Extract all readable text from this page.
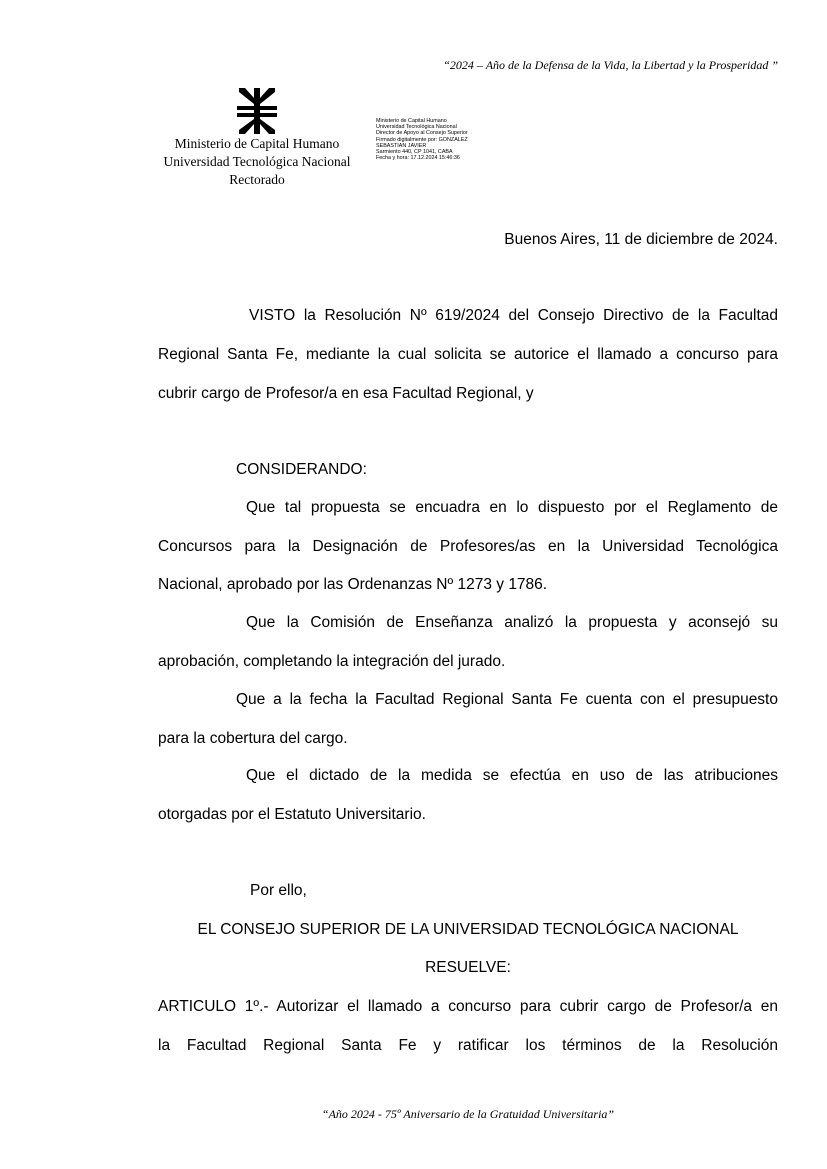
“2024 – Año de la Defensa de la Vida, la Libertad y la Prosperidad ”
Ministerio de Capital Humano
Universidad Tecnológica Nacional
Rectorado
Ministerio de Capital Humano
Universidad Tecnológica Nacional
Director de Apoyo al Consejo Superior
Firmado digitalmente por: GONZALEZ
SEBASTIAN JAVIER
Sarmiento 440, CP 1041, CABA
Fecha y hora: 17.12.2024 15:46:36
Buenos Aires, 11 de diciembre de 2024.
VISTO la Resolución Nº 619/2024 del Consejo Directivo de la Facultad
Regional Santa Fe, mediante la cual solicita se autorice el llamado a concurso para
cubrir cargo de Profesor/a en esa Facultad Regional, y
CONSIDERANDO:
Que tal propuesta se encuadra en lo dispuesto por el Reglamento de
Concursos para la Designación de Profesores/as en la Universidad Tecnológica
Nacional, aprobado por las Ordenanzas Nº 1273 y 1786.
Que la Comisión de Enseñanza analizó la propuesta y aconsejó su
aprobación, completando la integración del jurado.
Que a la fecha la Facultad Regional Santa Fe cuenta con el presupuesto
para la cobertura del cargo.
Que el dictado de la medida se efectúa en uso de las atribuciones
otorgadas por el Estatuto Universitario.
Por ello,
EL CONSEJO SUPERIOR DE LA UNIVERSIDAD TECNOLÓGICA NACIONAL
RESUELVE:
ARTICULO 1º.- Autorizar el llamado a concurso para cubrir cargo de Profesor/a en
la Facultad Regional Santa Fe y ratificar los términos de la Resolución
“Año 2024 - 75º Aniversario de la Gratuidad Universitaria”
